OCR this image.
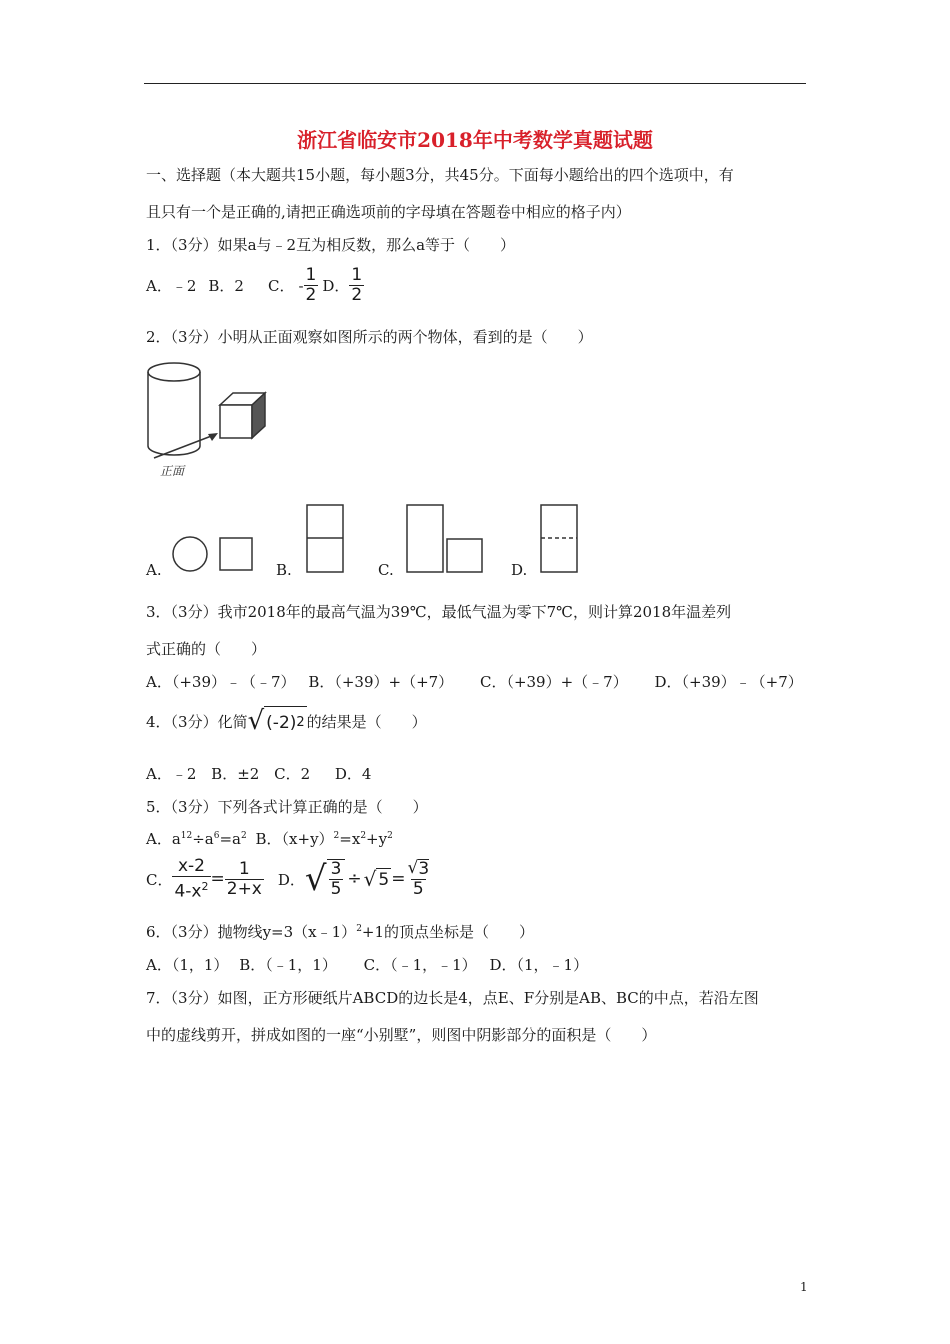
浙江省临安市2018年中考数学真题试题
一、选择题（本大题共15小题，每小题3分，共45分。下面每小题给出的四个选项中，有
且只有一个是正确的,请把正确选项前的字母填在答题卷中相应的格子内）
1．（3分）如果a与﹣2互为相反数，那么a等于（　　）
A．﹣2 B．2 C． - $\frac{1}{2}$ D． $\frac{1}{2}$
2．（3分）小明从正面观察如图所示的两个物体，看到的是（　　）
正面
A.	B.	C.	D.
3．（3分）我市2018年的最高气温为39℃，最低气温为零下7℃，则计算2018年温差列
式正确的（　　）
A．（+39）﹣（﹣7） B．（+39）+（+7） C．（+39）+（﹣7） D．（+39）﹣（+7）
4．（3分）化简 √ (-2) 2 的结果是（　　）
A．﹣2 B．±2 C．2 D．4
5．（3分）下列各式计算正确的是（　　）
A．$a^{12}\div a^6=a^2$ B．$(x+y)^2=x^2+y^2$
C． $\frac{x-2}{4-x^2} = \frac{1}{2+x}$ D． √ $\frac{3}{5}$ ÷ √ $5 = \frac{√ 3}{5}$
6．（3分）抛物线y=3（x﹣1）$^2$+1的顶点坐标是（　　）
A．（1，1） B．（﹣1，1） C．（﹣1，﹣1） D．（1，﹣1）
7．（3分）如图，正方形硬纸片ABCD的边长是4，点E、F分别是AB、BC的中点，若沿左图
中的虚线剪开，拼成如图的一座“小别墅”，则图中阴影部分的面积是（　　）
1
